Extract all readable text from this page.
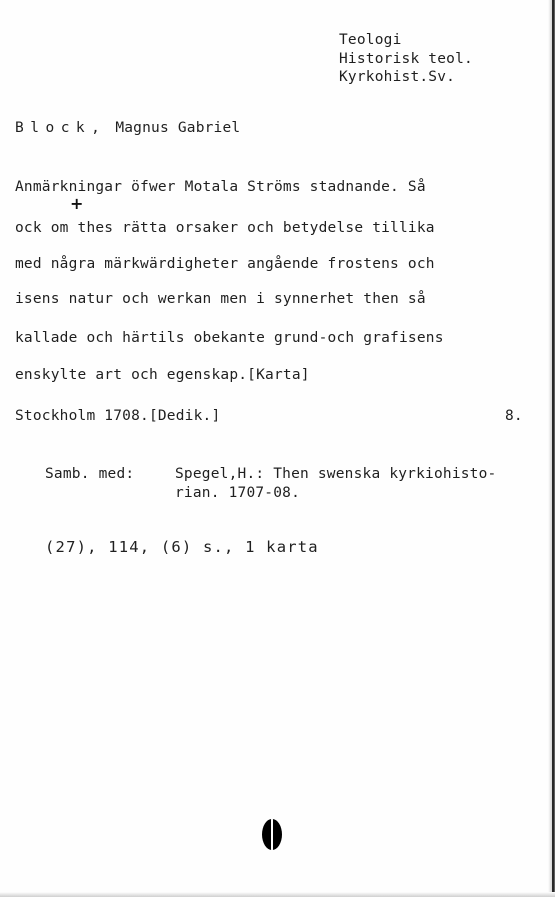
Teologi
Historisk teol.
Kyrkohist.Sv.
Block, Magnus Gabriel
Anmärkningar öfwer Motala Ströms stadnande. Så
+
ock om thes rätta orsaker och betydelse tillika
med några märkwärdigheter angående frostens och
isens natur och werkan men i synnerhet then så
kallade och härtils obekante grund-och grafisens
enskylte art och egenskap.[Karta]
Stockholm 1708.[Dedik.]	8.
Samb. med:	Spegel,H.: Then swenska kyrkiohisto-
rian. 1707-08.
(27), 114, (6) s., 1 karta
